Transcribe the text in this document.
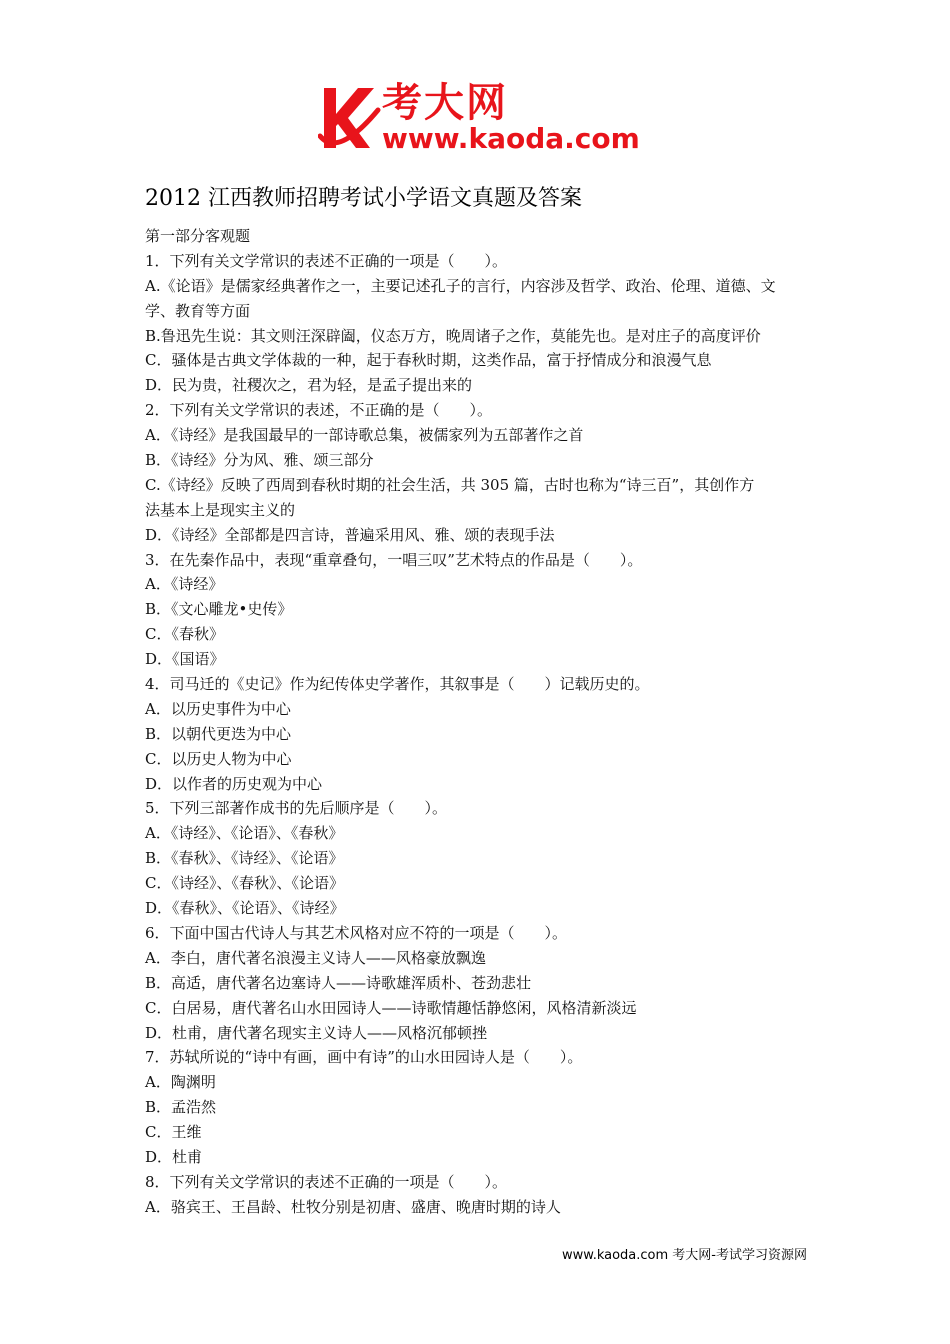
考大网
www.kaoda.com
2012 江西教师招聘考试小学语文真题及答案
第一部分客观题
1．下列有关文学常识的表述不正确的一项是（　　）。
A.《论语》是儒家经典著作之一，主要记述孔子的言行，内容涉及哲学、政治、伦理、道德、文
学、教育等方面
B.鲁迅先生说：其文则汪深辟阖，仪态万方，晚周诸子之作，莫能先也。是对庄子的高度评价
C．骚体是古典文学体裁的一种，起于春秋时期，这类作品，富于抒情成分和浪漫气息
D．民为贵，社稷次之，君为轻，是孟子提出来的
2．下列有关文学常识的表述，不正确的是（　　）。
A．《诗经》是我国最早的一部诗歌总集，被儒家列为五部著作之首
B．《诗经》分为风、雅、颂三部分
C.《诗经》反映了西周到春秋时期的社会生活，共 305 篇，古时也称为“诗三百”，其创作方
法基本上是现实主义的
D．《诗经》全部都是四言诗，普遍采用风、雅、颂的表现手法
3．在先秦作品中，表现“重章叠句，一唱三叹”艺术特点的作品是（　　）。
A．《诗经》
B．《文心雕龙•史传》
C．《春秋》
D．《国语》
4．司马迁的《史记》作为纪传体史学著作，其叙事是（　　）记载历史的。
A．以历史事件为中心
B．以朝代更迭为中心
C．以历史人物为中心
D．以作者的历史观为中心
5．下列三部著作成书的先后顺序是（　　）。
A．《诗经》、《论语》、《春秋》
B．《春秋》、《诗经》、《论语》
C．《诗经》、《春秋》、《论语》
D．《春秋》、《论语》、《诗经》
6．下面中国古代诗人与其艺术风格对应不符的一项是（　　）。
A．李白，唐代著名浪漫主义诗人——风格豪放飘逸
B．高适，唐代著名边塞诗人——诗歌雄浑质朴、苍劲悲壮
C．白居易，唐代著名山水田园诗人——诗歌情趣恬静悠闲，风格清新淡远
D．杜甫，唐代著名现实主义诗人——风格沉郁顿挫
7．苏轼所说的“诗中有画，画中有诗”的山水田园诗人是（　　）。
A．陶渊明
B．孟浩然
C．王维
D．杜甫
8．下列有关文学常识的表述不正确的一项是（　　）。
A．骆宾王、王昌龄、杜牧分别是初唐、盛唐、晚唐时期的诗人
www.kaoda.com 考大网-考试学习资源网
